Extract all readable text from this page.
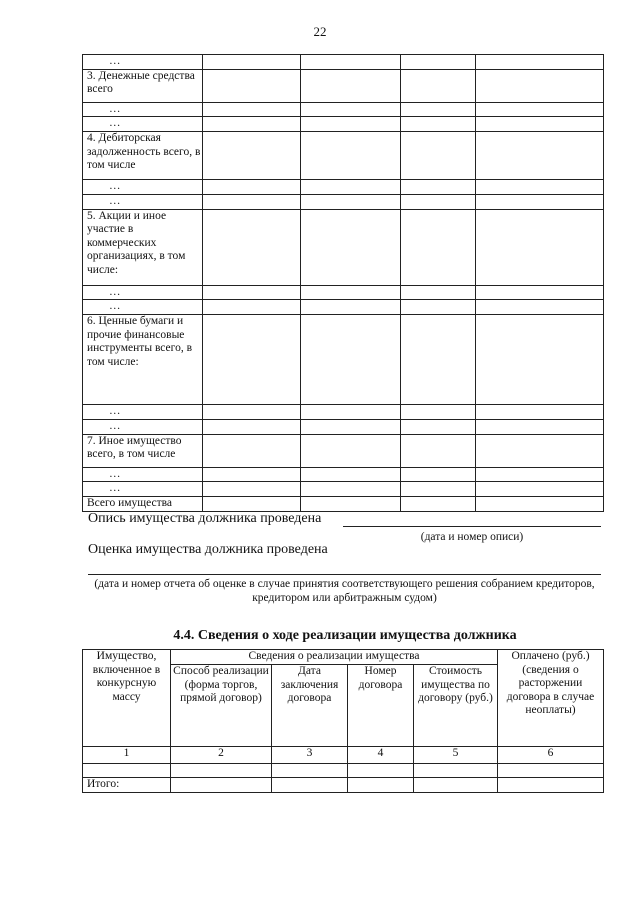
22
…				
3. Денежные средства всего				
…				
…				
4. Дебиторская задолженность всего, в том числе				
…				
…				
5. Акции и иное участие в коммерческих организациях, в том числе:				
…				
…				
6. Ценные бумаги и прочие финансовые инструменты всего, в том числе:				
…				
…				
7. Иное имущество всего, в том числе				
…				
…				
Всего имущества				
Опись имущества должника проведена
(дата и номер описи)
Оценка имущества должника проведена
(дата и номер отчета об оценке в случае принятия соответствующего решения собранием кредиторов, кредитором или арбитражным судом)
4.4. Сведения о ходе реализации имущества должника
Имущество, включенное в конкурсную массу	Сведения о реализации имущества				Оплачено (руб.) (сведения о расторжении договора в случае неоплаты)
	Способ реализации (форма торгов, прямой договор)	Дата заключения договора	Номер договора	Стоимость имущества по договору (руб.)	
1	2	3	4	5	6

Итого:					
